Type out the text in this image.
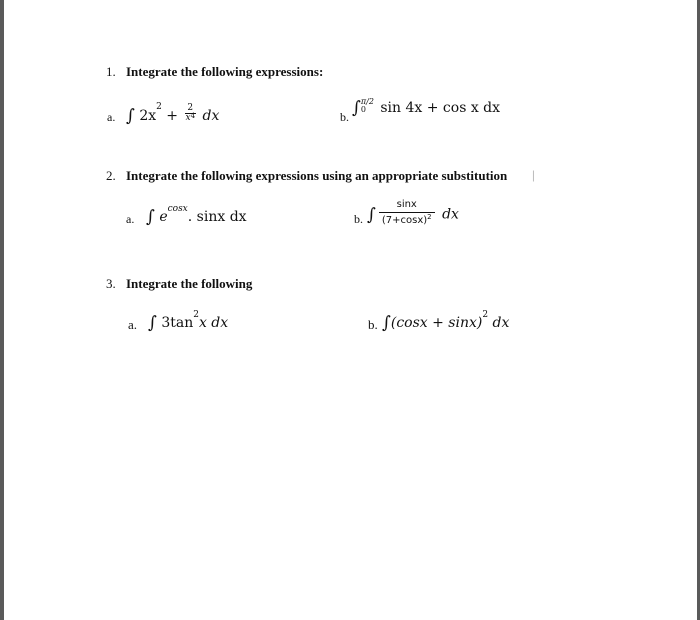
1. Integrate the following expressions:
a. ∫ $2x^2 + \frac{2}{x^4}$ dx	b. ∫ π/2
0	sin 4x + cos x dx
2. Integrate the following expressions using an appropriate substitution |
a. ∫ $e^{cosx}$. sinx dx	b. ∫ $\frac{\sin x}{(7+\cos x)^2}$ dx
3. Integrate the following
a. ∫ $3\tan^2x$ dx	b. $\int(\cos x + \sin x)^2$ dx
